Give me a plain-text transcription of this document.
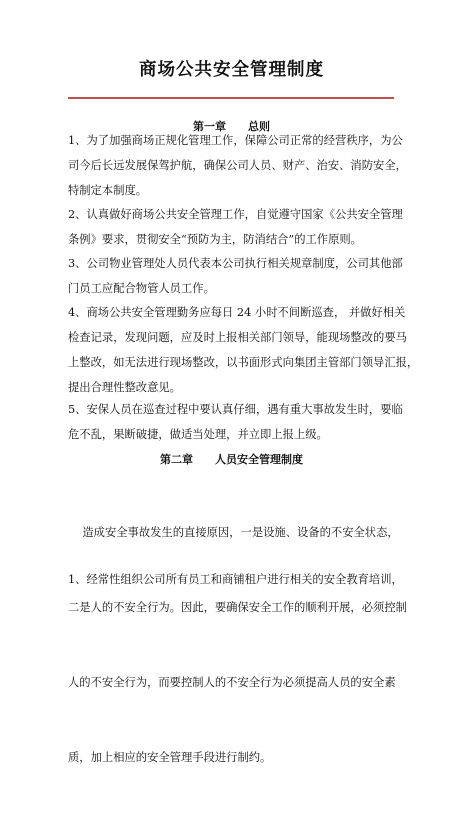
商场公共安全管理制度
第一章 总则
1、为了加强商场正规化管理工作，保障公司正常的经营秩序，为公
司今后长远发展保驾护航，确保公司人员、财产、治安、消防安全，
特制定本制度。
2、认真做好商场公共安全管理工作，自觉遵守国家《公共安全管理
条例》要求，贯彻安全“预防为主，防消结合”的工作原则。
3、公司物业管理处人员代表本公司执行相关规章制度，公司其他部
门员工应配合物管人员工作。
4、商场公共安全管理勤务应每日 24 小时不间断巡查， 并做好相关
检查记录，发现问题，应及时上报相关部门领导，能现场整改的要马
上整改，如无法进行现场整改，以书面形式向集团主管部门领导汇报，
提出合理性整改意见。
5、安保人员在巡查过程中要认真仔细，遇有重大事故发生时，要临
危不乱，果断破捷，做适当处理，并立即上报上级。
第二章 人员安全管理制度

造成安全事故发生的直接原因，一是设施、设备的不安全状态，

二是人的不安全行为。因此，要确保安全工作的顺利开展，必须控制

人的不安全行为，而要控制人的不安全行为必须提高人员的安全素

质，加上相应的安全管理手段进行制约。

1、经常性组织公司所有员工和商铺租户进行相关的安全教育培训，
